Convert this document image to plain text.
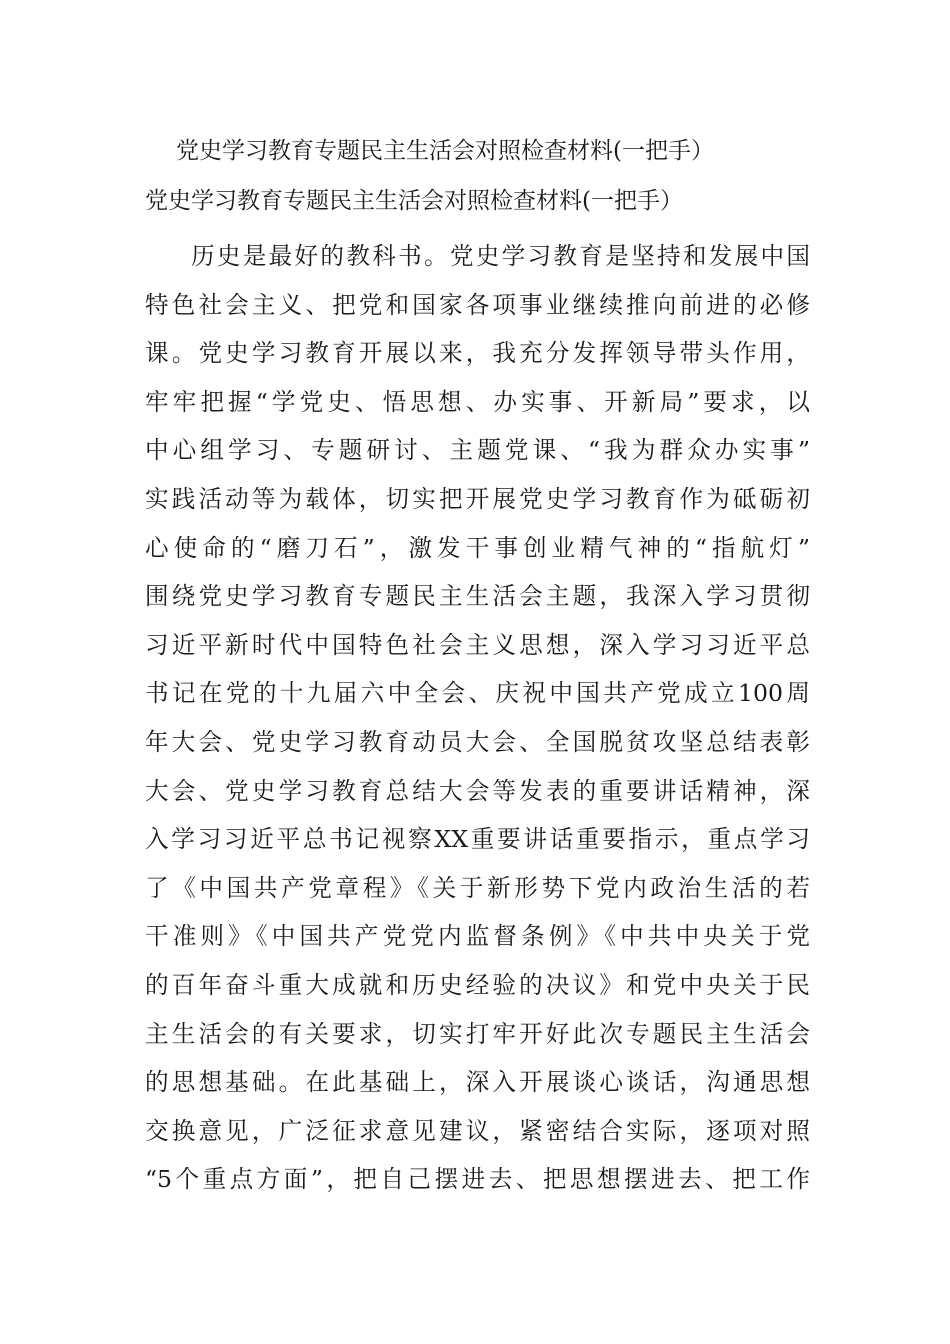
党史学习教育专题民主生活会对照检查材料(一把手）
党史学习教育专题民主生活会对照检查材料(一把手）
历史是最好的教科书。党史学习教育是坚持和发展中国
特色社会主义、把党和国家各项事业继续推向前进的必修
课。党史学习教育开展以来，我充分发挥领导带头作用，
牢牢把握“学党史、悟思想、办实事、开新局”要求，以
中心组学习、专题研讨、主题党课、“我为群众办实事”
实践活动等为载体，切实把开展党史学习教育作为砥砺初
心使命的“磨刀石”，激发干事创业精气神的“指航灯”
围绕党史学习教育专题民主生活会主题，我深入学习贯彻
习近平新时代中国特色社会主义思想，深入学习习近平总
书记在党的十九届六中全会、庆祝中国共产党成立100周
年大会、党史学习教育动员大会、全国脱贫攻坚总结表彰
大会、党史学习教育总结大会等发表的重要讲话精神，深
入学习习近平总书记视察XX重要讲话重要指示，重点学习
了《中国共产党章程》《关于新形势下党内政治生活的若
干准则》《中国共产党党内监督条例》《中共中央关于党
的百年奋斗重大成就和历史经验的决议》和党中央关于民
主生活会的有关要求，切实打牢开好此次专题民主生活会
的思想基础。在此基础上，深入开展谈心谈话，沟通思想
交换意见，广泛征求意见建议，紧密结合实际，逐项对照
“5个重点方面”，把自己摆进去、把思想摆进去、把工作
